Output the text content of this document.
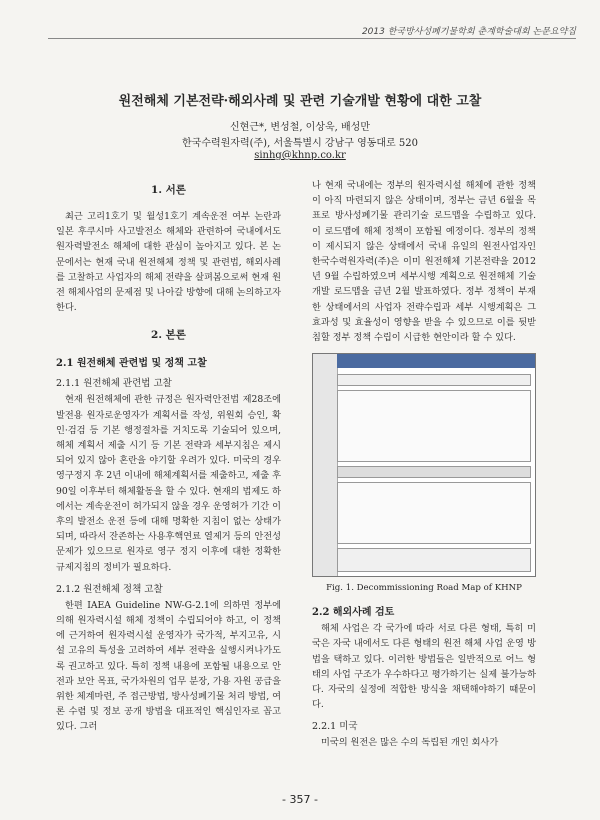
2013 한국방사성폐기물학회 춘계학술대회 논문요약집
원전해체 기본전략·해외사례 및 관련 기술개발 현황에 대한 고찰
신현근*, 변성철, 이상욱, 배성만
한국수력원자력(주), 서울특별시 강남구 영동대로 520
sinhg@khnp.co.kr
1. 서론

최근 고리1호기 및 월성1호기 계속운전 여부 논란과 일본 후쿠시마 사고발전소 해체와 관련하여 국내에서도 원자력발전소 해체에 대한 관심이 높아지고 있다. 본 논문에서는 현재 국내 원전해체 정책 및 관련법, 해외사례를 고찰하고 사업자의 해체 전략을 살펴봄으로써 현재 원전 해체사업의 문제점 및 나아갈 방향에 대해 논의하고자 한다.

2. 본론
2.1 원전해체 관련법 및 정책 고찰
2.1.1 원전해체 관련법 고찰

현재 원전해체에 관한 규정은 원자력안전법 제28조에 발전용 원자로운영자가 계획서를 작성, 위원회 승인, 확인·검검 등 기본 행정절차를 거치도록 기술되어 있으며, 해체 계획서 제출 시기 등 기본 전략과 세부지침은 제시되어 있지 않아 혼란을 야기할 우려가 있다. 미국의 경우 영구정지 후 2년 이내에 해체계획서를 제출하고, 제출 후 90일 이후부터 해체활동을 할 수 있다. 현재의 법제도 하에서는 계속운전이 허가되지 않을 경우 운영허가 기간 이후의 발전소 운전 등에 대해 명확한 지침이 없는 상태가 되며, 따라서 잔존하는 사용후핵연료 열제거 등의 안전성 문제가 있으므로 원자로 영구 정지 이후에 대한 정확한 규제지침의 정비가 필요하다.

2.1.2 원전해체 정책 고찰

한편 IAEA Guideline NW-G-2.1에 의하면 정부에 의해 원자력시설 해체 정책이 수립되어야 하고, 이 정책에 근거하여 원자력시설 운영자가 국가적, 부지고유, 시설 고유의 특성을 고려하여 세부 전략을 실행시켜나가도록 권고하고 있다. 특히 정책 내용에 포함될 내용으로 안전과 보안 목표, 국가차원의 업무 분장, 가용 자원 공급을 위한 체계마련, 주 접근방법, 방사성폐기물 처리 방법, 여론 수렴 및 정보 공개 방법을 대표적인 핵심인자로 꼽고 있다. 그러

나 현재 국내에는 정부의 원자력시설 해체에 관한 정책이 아직 마련되지 않은 상태이며, 정부는 금년 6월을 목표로 방사성폐기물 관리기술 로드맵을 수립하고 있다. 이 로드맵에 해체 정책이 포함될 예정이다. 정부의 정책이 제시되지 않은 상태에서 국내 유일의 원전사업자인 한국수력원자력(주)은 이미 원전해체 기본전략을 2012년 9월 수립하였으며 세부시행 계획으로 원전해체 기술개발 로드맵을 금년 2월 발표하였다. 정부 정책이 부재한 상태에서의 사업자 전략수립과 세부 시행계획은 그 효과성 및 효율성이 영향을 받을 수 있으므로 이를 뒷받침할 정부 정책 수립이 시급한 현안이라 할 수 있다.

Fig. 1. Decommissioning Road Map of KHNP
2.2 해외사례 검토

해체 사업은 각 국가에 따라 서로 다른 형태, 특히 미국은 자국 내에서도 다른 형태의 원전 해체 사업 운영 방법을 택하고 있다. 이러한 방법들은 일반적으로 어느 형태의 사업 구조가 우수하다고 평가하기는 실제 불가능하다. 자국의 실정에 적합한 방식을 채택해야하기 때문이다.

2.2.1 미국

미국의 원전은 많은 수의 독립된 개인 회사가

- 357 -
